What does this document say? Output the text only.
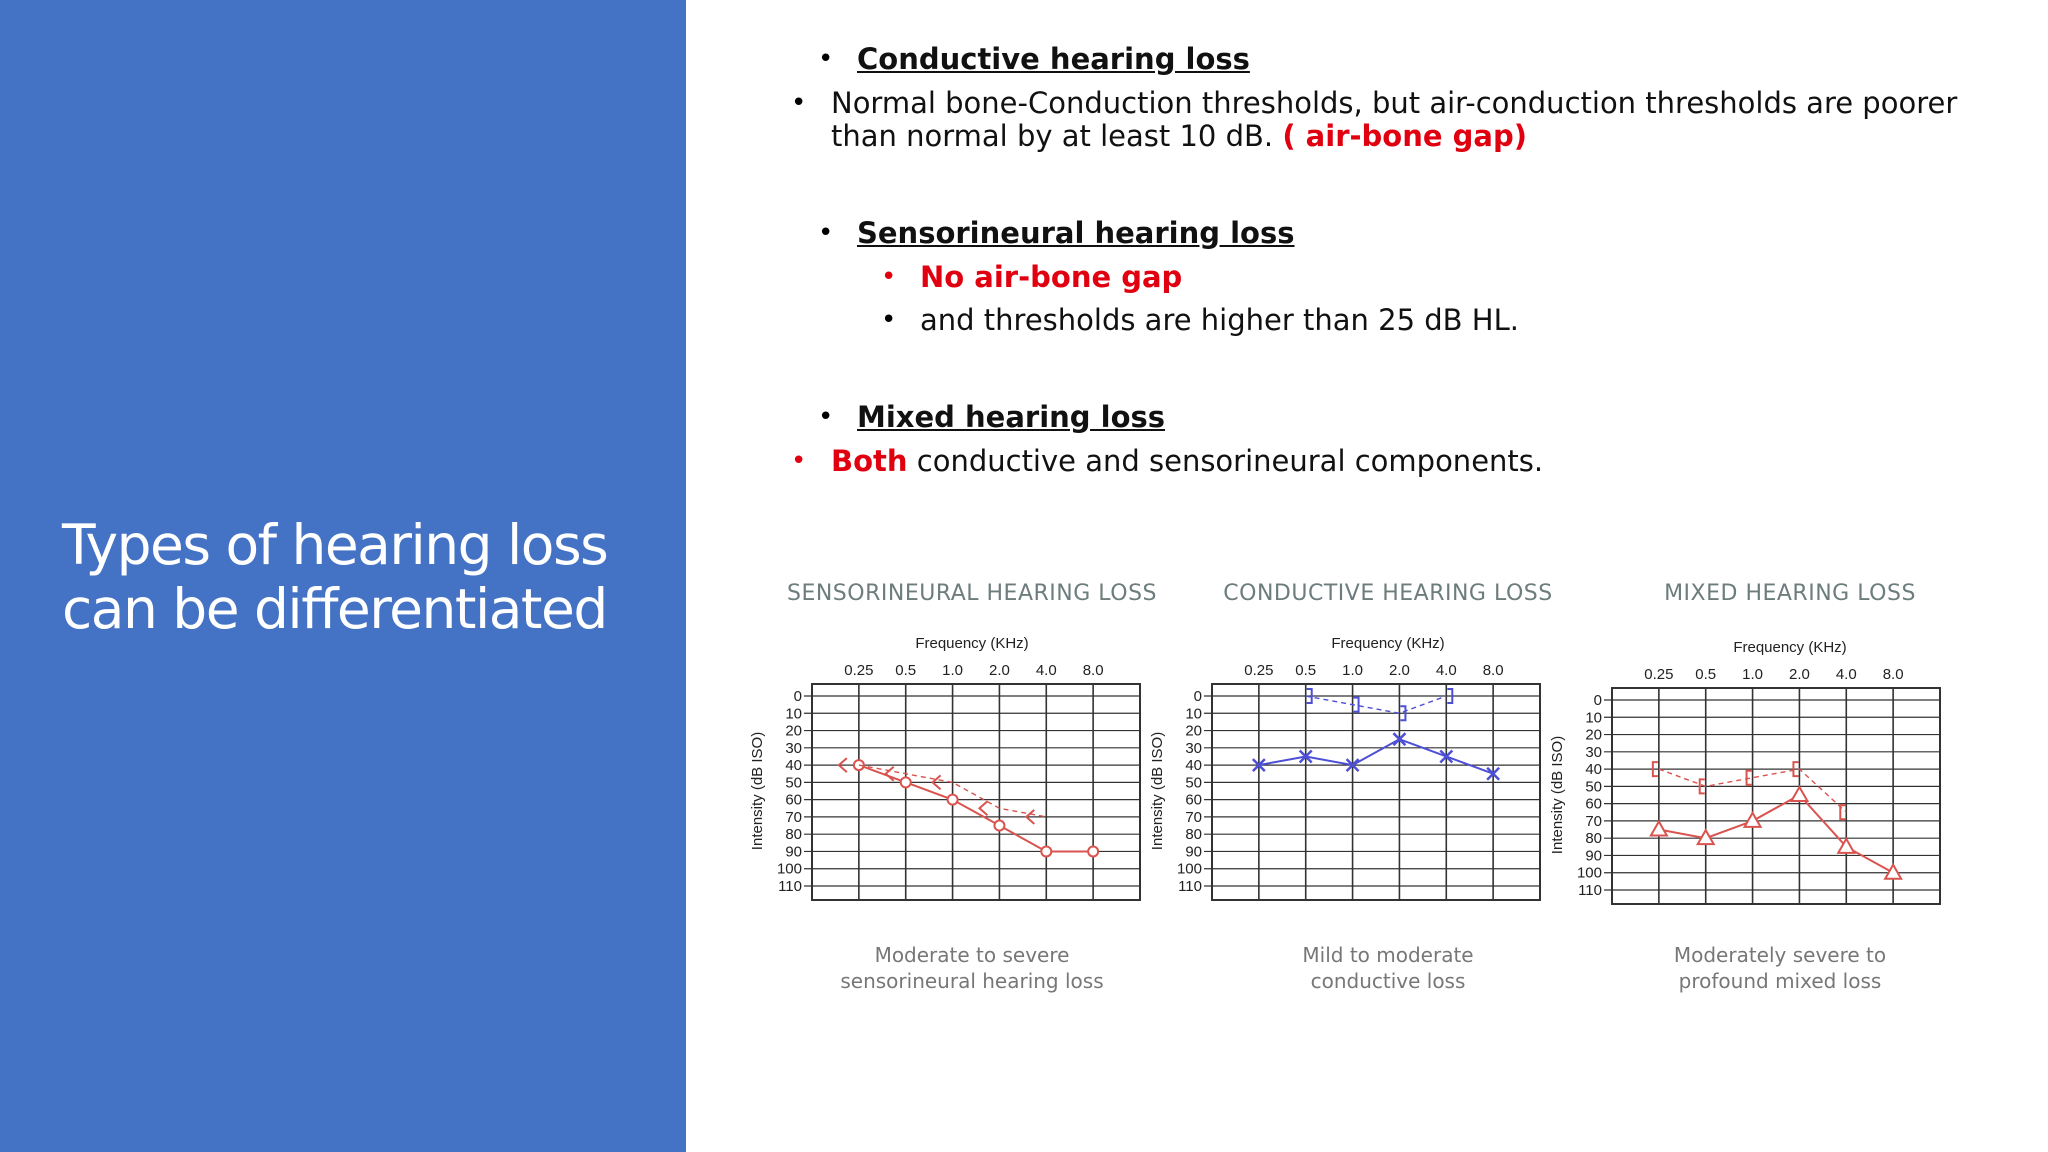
Types of hearing loss
can be differentiated
• Conductive hearing loss
• Normal bone-Conduction thresholds, but air-conduction thresholds are poorer
than normal by at least 10 dB. ( air-bone gap)
• Sensorineural hearing loss
• No air-bone gap
• and thresholds are higher than 25 dB HL.
• Mixed hearing loss
• Both conductive and sensorineural components.
SENSORINEURAL HEARING LOSS
Frequency (KHz)
0.25 0.5 1.0 2.0 4.0 8.0
0
10
20
30
40
50
60
70
80
90
100
110
Intensity (dB ISO)
Moderate to severe
sensorineural hearing loss
CONDUCTIVE HEARING LOSS
Frequency (KHz)
0.25 0.5 1.0 2.0 4.0 8.0
0
10
20
30
40
50
60
70
80
90
100
110
Intensity (dB ISO)
Mild to moderate
conductive loss
MIXED HEARING LOSS
Frequency (KHz)
0.25 0.5 1.0 2.0 4.0 8.0
0
10
20
30
40
50
60
70
80
90
100
110
Intensity (dB ISO)
Moderately severe to
profound mixed loss
